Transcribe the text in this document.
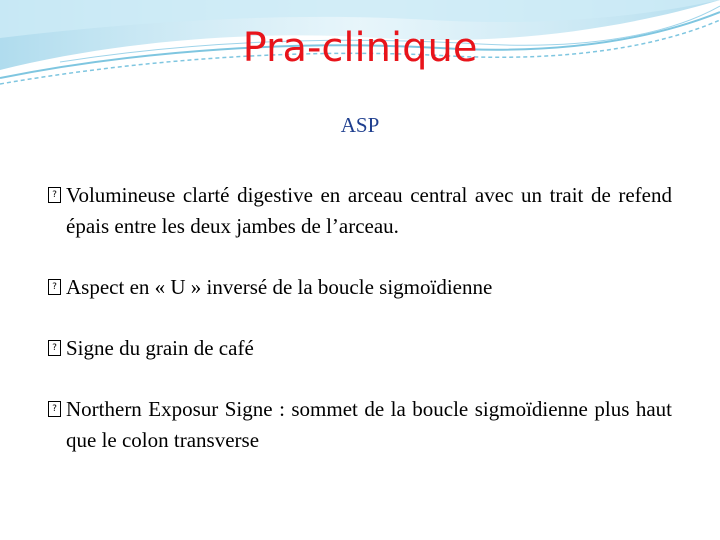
Pra-clinique
ASP
? Volumineuse clarté digestive en arceau central avec un trait de refend épais entre les deux jambes de l’arceau.
? Aspect en « U » inversé de la boucle sigmoïdienne
? Signe du grain de café
? Northern Exposur Signe : sommet de la boucle sigmoïdienne plus haut que le colon transverse
